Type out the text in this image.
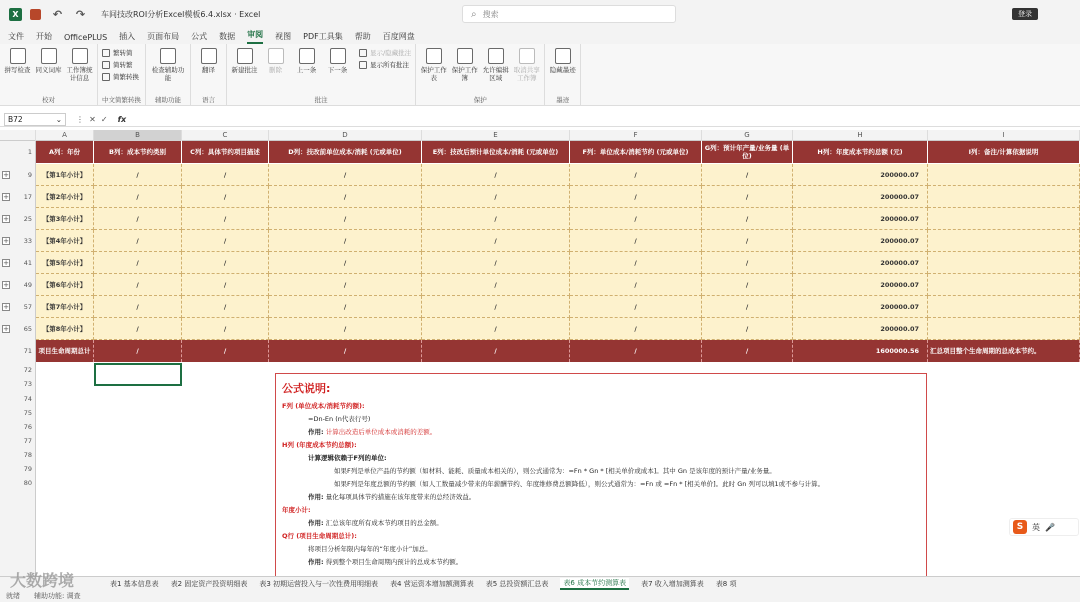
X	↶ ↷ 车间技改ROI分析Excel模板6.4.xlsx · Excel	⌕ 搜索	登录
文件 开始 OfficePLUS 插入 页面布局 公式 数据 审阅 视图 PDF工具集 帮助 百度网盘
拼写检查 同义词库 工作簿统计信息
校对
繁转简
简转繁
简繁转换
中文简繁转换
检查辅助功能
辅助功能
翻译
语言
新建批注 删除 上一条 下一条
显示/隐藏批注
显示所有批注
批注
保护工作表
保护工作簿
允许编辑区域
取消共享工作簿
保护
隐藏墨迹
墨迹
B72	⌄ ⋮  ✕  ✓ fx
A	B	C	D	E	F	G	H	I
1
9
+
17
+
25
+
33
+
41
+
49
+
57
+
65
+
71
72
73
74
75
76
77
78
79
80
A列：年份	B列：成本节约类别	C列：具体节约项目描述	D列：技改前单位成本/消耗 (元或单位)	E列：技改后预计单位成本/消耗 (元或单位)	F列：单位成本/消耗节约 (元或单位)	G列：预计年产量/业务量 (单位)	H列：年度成本节约总额 (元)	I列：备注/计算依据说明
【第1年小计】	/	/	/	/	/	/	200000.07
【第2年小计】	/	/	/	/	/	/	200000.07
【第3年小计】	/	/	/	/	/	/	200000.07
【第4年小计】	/	/	/	/	/	/	200000.07
【第5年小计】	/	/	/	/	/	/	200000.07
【第6年小计】	/	/	/	/	/	/	200000.07
【第7年小计】	/	/	/	/	/	/	200000.07
【第8年小计】	/	/	/	/	/	/	200000.07
项目生命周期总计	/	/	/	/	/	/	1600000.56	汇总项目整个生命周期的总成本节约。
公式说明:
F列 (单位成本/消耗节约额):
=Dn-En (n代表行号)
作用: 计算出改造后单位成本或消耗的差额。
H列 (年度成本节约总额):
计算逻辑依赖于F列的单位:
如果F列是单位产品的节约额（如材料、能耗、质量成本相关的），则公式通常为：=Fn * Gn * [相关单价或成本]。其中 Gn 是该年度的预计产量/业务量。
如果F列是年度总额的节约额（如人工数量减少带来的年薪酬节约、年度维修费总额降低），则公式通常为：=Fn 或 =Fn * [相关单价]。此时 Gn 列可以填1或不参与计算。
作用: 量化每项具体节约措施在该年度带来的总经济效益。
年度小计:
作用: 汇总该年度所有成本节约项目的总金额。
Q行 (项目生命周期总计):
将项目分析年限内每年的“年度小计”加总。
作用: 得到整个项目生命周期内预计的总成本节约额。
S	英 🎤
表1 基本信息表 表2 固定资产投资明细表 表3 初期运营投入与一次性费用明细表 表4 营运资本增加额测算表 表5 总投资额汇总表	表6 成本节约测算表	表7 收入增加测算表 表8 项
就绪 辅助功能: 调查
大数跨境
